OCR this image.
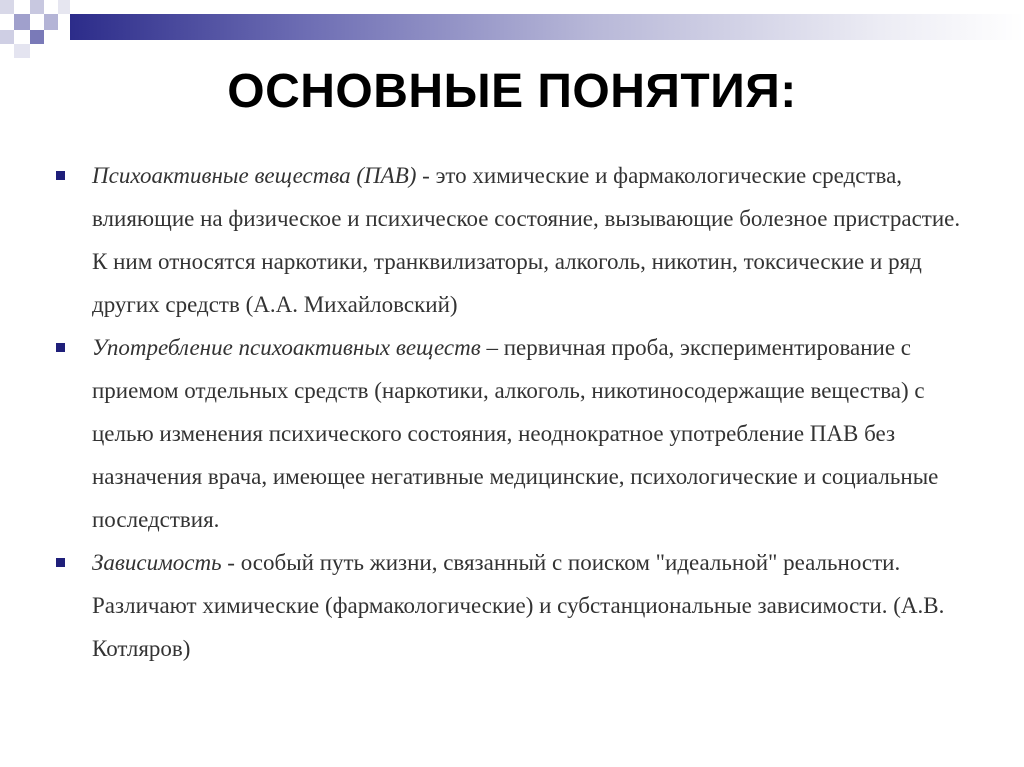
ОСНОВНЫЕ ПОНЯТИЯ:
Психоактивные вещества (ПАВ) - это химические и фармакологические средства, влияющие на физическое и психическое состояние, вызывающие болезное пристрастие. К ним относятся наркотики, транквилизаторы, алкоголь, никотин, токсические и ряд других средств (А.А. Михайловский)
Употребление психоактивных веществ – первичная проба, экспериментирование с приемом отдельных средств (наркотики, алкоголь, никотиносодержащие вещества) с целью изменения психического состояния, неоднократное употребление ПАВ без назначения врача, имеющее негативные медицинские, психологические и социальные последствия.
Зависимость - особый путь жизни, связанный с поиском "идеальной" реальности. Различают химические (фармакологические) и субстанциональные зависимости. (А.В. Котляров)
